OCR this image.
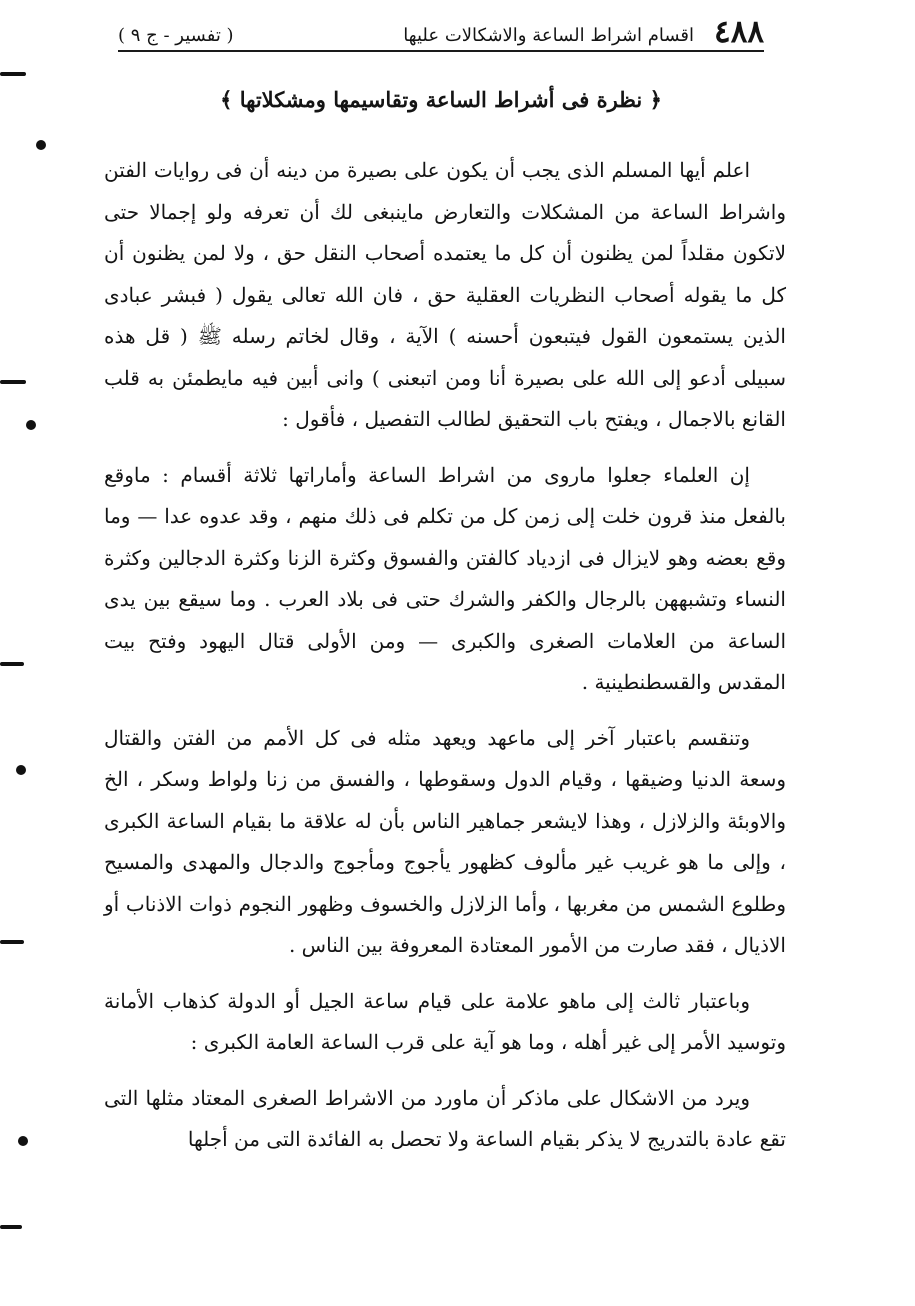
٤٨٨
اقسام اشراط الساعة والاشكالات عليها
( تفسير - ج ٩ )
﴿ نظرة فى أشراط الساعة وتقاسيمها ومشكلاتها ﴾

اعلم أيها المسلم الذى يجب أن يكون على بصيرة من دينه أن فى روايات الفتن واشراط الساعة من المشكلات والتعارض ماينبغى لك أن تعرفه ولو إجمالا حتى لاتكون مقلداً لمن يظنون أن كل ما يعتمده أصحاب النقل حق ، ولا لمن يظنون أن كل ما يقوله أصحاب النظريات العقلية حق ، فان الله تعالى يقول ( فبشر عبادى الذين يستمعون القول فيتبعون أحسنه ) الآية ، وقال لخاتم رسله ﷺ ( قل هذه سبيلى أدعو إلى الله على بصيرة أنا ومن اتبعنى ) وانى أبين فيه مايطمئن به قلب القانع بالاجمال ، ويفتح باب التحقيق لطالب التفصيل ، فأقول :

إن العلماء جعلوا ماروى من اشراط الساعة وأماراتها ثلاثة أقسام : ماوقع بالفعل منذ قرون خلت إلى زمن كل من تكلم فى ذلك منهم ، وقد عدوه عدا — وما وقع بعضه وهو لايزال فى ازدياد كالفتن والفسوق وكثرة الزنا وكثرة الدجالين وكثرة النساء وتشبههن بالرجال والكفر والشرك حتى فى بلاد العرب . وما سيقع بين يدى الساعة من العلامات الصغرى والكبرى — ومن الأولى قتال اليهود وفتح بيت المقدس والقسطنطينية .

وتنقسم باعتبار آخر إلى ماعهد ويعهد مثله فى كل الأمم من الفتن والقتال وسعة الدنيا وضيقها ، وقيام الدول وسقوطها ، والفسق من زنا ولواط وسكر ، الخ والاوبئة والزلازل ، وهذا لايشعر جماهير الناس بأن له علاقة ما بقيام الساعة الكبرى ، وإلى ما هو غريب غير مألوف كظهور يأجوج ومأجوج والدجال والمهدى والمسيح وطلوع الشمس من مغربها ، وأما الزلازل والخسوف وظهور النجوم ذوات الاذناب أو الاذيال ، فقد صارت من الأمور المعتادة المعروفة بين الناس .

وباعتبار ثالث إلى ماهو علامة على قيام ساعة الجيل أو الدولة كذهاب الأمانة وتوسيد الأمر إلى غير أهله ، وما هو آية على قرب الساعة العامة الكبرى :

ويرد من الاشكال على ماذكر أن ماورد من الاشراط الصغرى المعتاد مثلها التى تقع عادة بالتدريج لا يذكر بقيام الساعة ولا تحصل به الفائدة التى من أجلها
